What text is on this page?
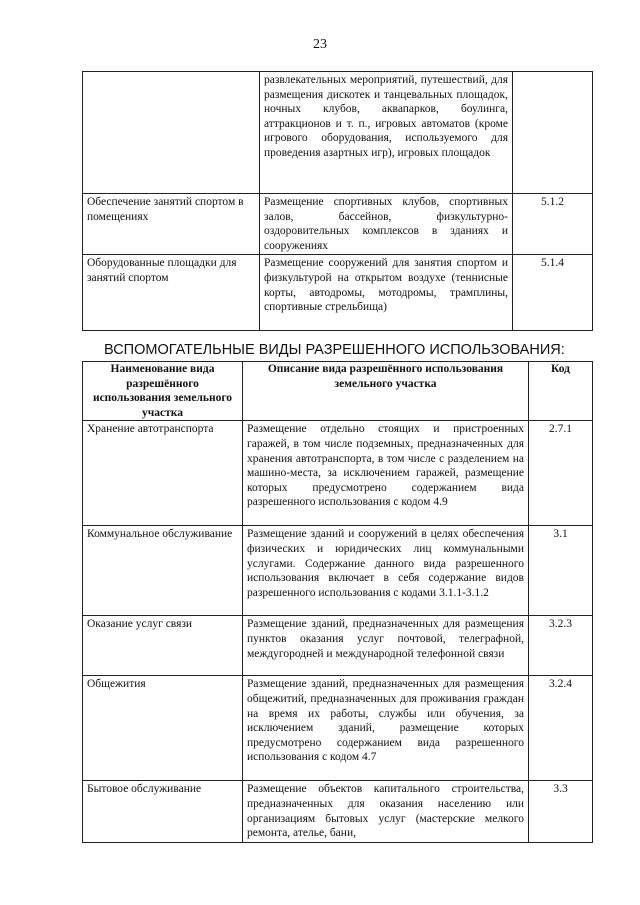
23
	развлекательных мероприятий, путешествий, для размещения дискотек и танцевальных площадок, ночных клубов, аквапарков, боулинга, аттракционов и т. п., игровых автоматов (кроме игрового оборудования, используемого для проведения азартных игр), игровых площадок	
Обеспечение занятий спортом в помещениях	Размещение спортивных клубов, спортивных залов, бассейнов, физкультурно-оздоровительных комплексов в зданиях и сооружениях	5.1.2
Оборудованные площадки для занятий спортом	Размещение сооружений для занятия спортом и физкультурой на открытом воздухе (теннисные корты, автодромы, мотодромы, трамплины, спортивные стрельбища)	5.1.4
ВСПОМОГАТЕЛЬНЫЕ ВИДЫ РАЗРЕШЕННОГО ИСПОЛЬЗОВАНИЯ:
Наименование вида разрешённого использования земельного участка	Описание вида разрешённого использования земельного участка	Код
Хранение автотранспорта	Размещение отдельно стоящих и пристроенных гаражей, в том числе подземных, предназначенных для хранения автотранспорта, в том числе с разделением на машино-места, за исключением гаражей, размещение которых предусмотрено содержанием вида разрешенного использования с кодом 4.9	2.7.1
Коммунальное обслуживание	Размещение зданий и сооружений в целях обеспечения физических и юридических лиц коммунальными услугами. Содержание данного вида разрешенного использования включает в себя содержание видов разрешенного использования с кодами 3.1.1-3.1.2	3.1
Оказание услуг связи	Размещение зданий, предназначенных для размещения пунктов оказания услуг почтовой, телеграфной, междугородней и международной телефонной связи	3.2.3
Общежития	Размещение зданий, предназначенных для размещения общежитий, предназначенных для проживания граждан на время их работы, службы или обучения, за исключением зданий, размещение которых предусмотрено содержанием вида разрешенного использования с кодом 4.7	3.2.4
Бытовое обслуживание	Размещение объектов капитального строительства, предназначенных для оказания населению или организациям бытовых услуг (мастерские мелкого ремонта, ателье, бани,	3.3
